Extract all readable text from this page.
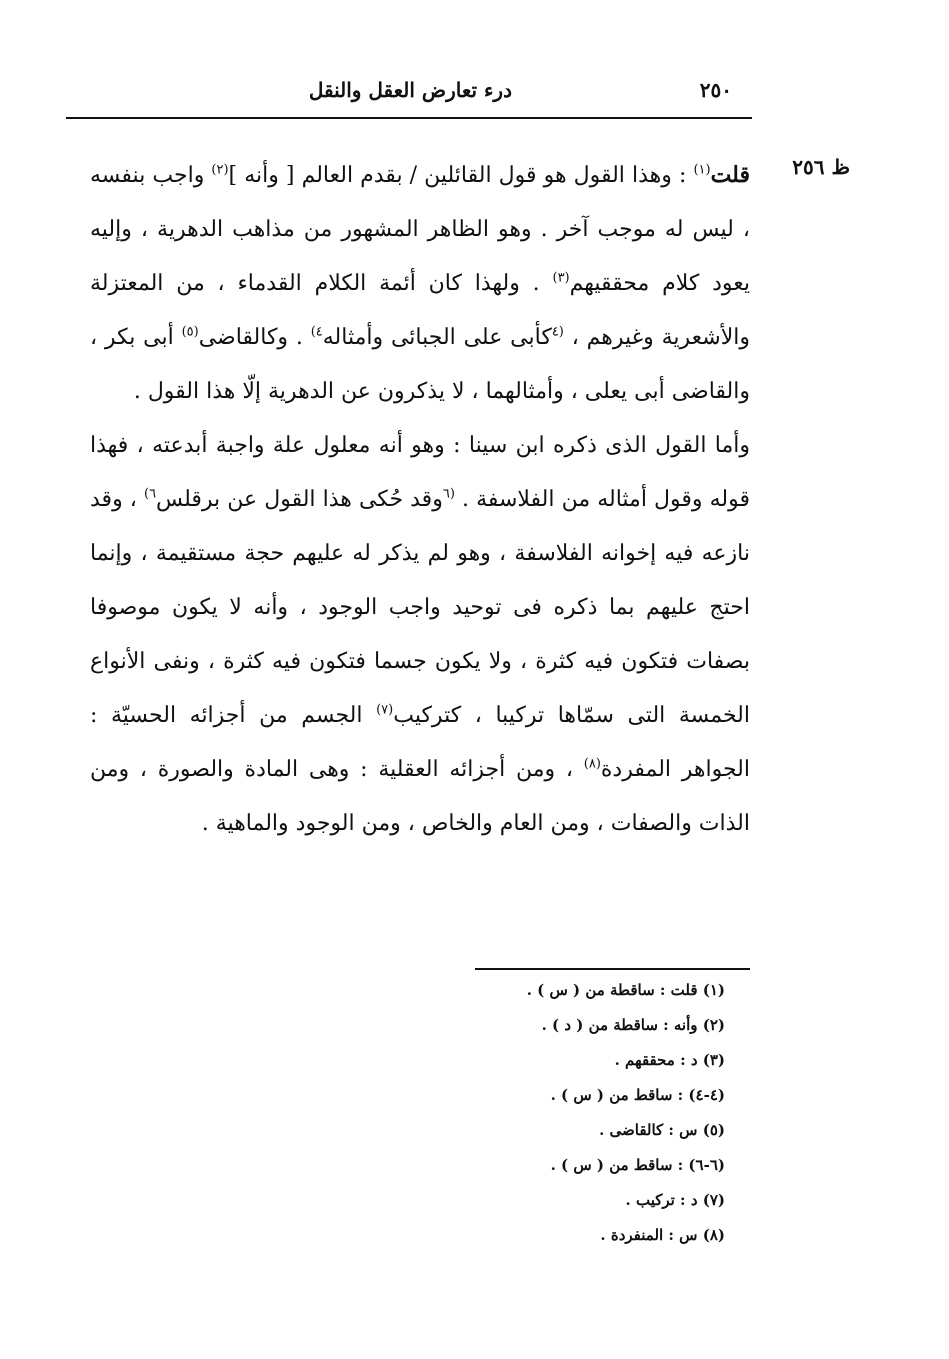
٢٥٠
درء تعارض العقل والنقل
ظ ٢٥٦

قلت$^{(١)}$ : وهذا القول هو قول القائلين / بقدم العالم [ وأنه ]$^{(٢)}$ واجب بنفسه ، ليس له موجب آخر . وهو الظاهر المشهور من مذاهب الدهرية ، وإليه يعود كلام محققيهم$^{(٣)}$ . ولهذا كان أئمة الكلام القدماء ، من المعتزلة والأشعرية وغيرهم ، $^{(٤}$كأبى على الجبائى وأمثاله$^{٤)}$ . وكالقاضى$^{(٥)}$ أبى بكر ، والقاضى أبى يعلى ، وأمثالهما ، لا يذكرون عن الدهرية إلّا هذا القول .

وأما القول الذى ذكره ابن سينا : وهو أنه معلول علة واجبة أبدعته ، فهذا قوله وقول أمثاله من الفلاسفة . $^{(٦}$وقد حُكى هذا القول عن برقلس$^{٦)}$ ، وقد نازعه فيه إخوانه الفلاسفة ، وهو لم يذكر له عليهم حجة مستقيمة ، وإنما احتج عليهم بما ذكره فى توحيد واجب الوجود ، وأنه لا يكون موصوفا بصفات فتكون فيه كثرة ، ولا يكون جسما فتكون فيه كثرة ، ونفى الأنواع الخمسة التى سمّاها تركيبا ، كتركيب$^{(٧)}$ الجسم من أجزائه الحسيّة : الجواهر المفردة$^{(٨)}$ ، ومن أجزائه العقلية : وهى المادة والصورة ، ومن الذات والصفات ، ومن العام والخاص ، ومن الوجود والماهية .

(١) قلت : ساقطة من ( س ) .
(٢) وأنه : ساقطة من ( د ) .
(٣) د : محققهم .
(٤-٤) : ساقط من ( س ) .
(٥) س : كالقاضى .
(٦-٦) : ساقط من ( س ) .
(٧) د : تركيب .
(٨) س : المنفردة .
